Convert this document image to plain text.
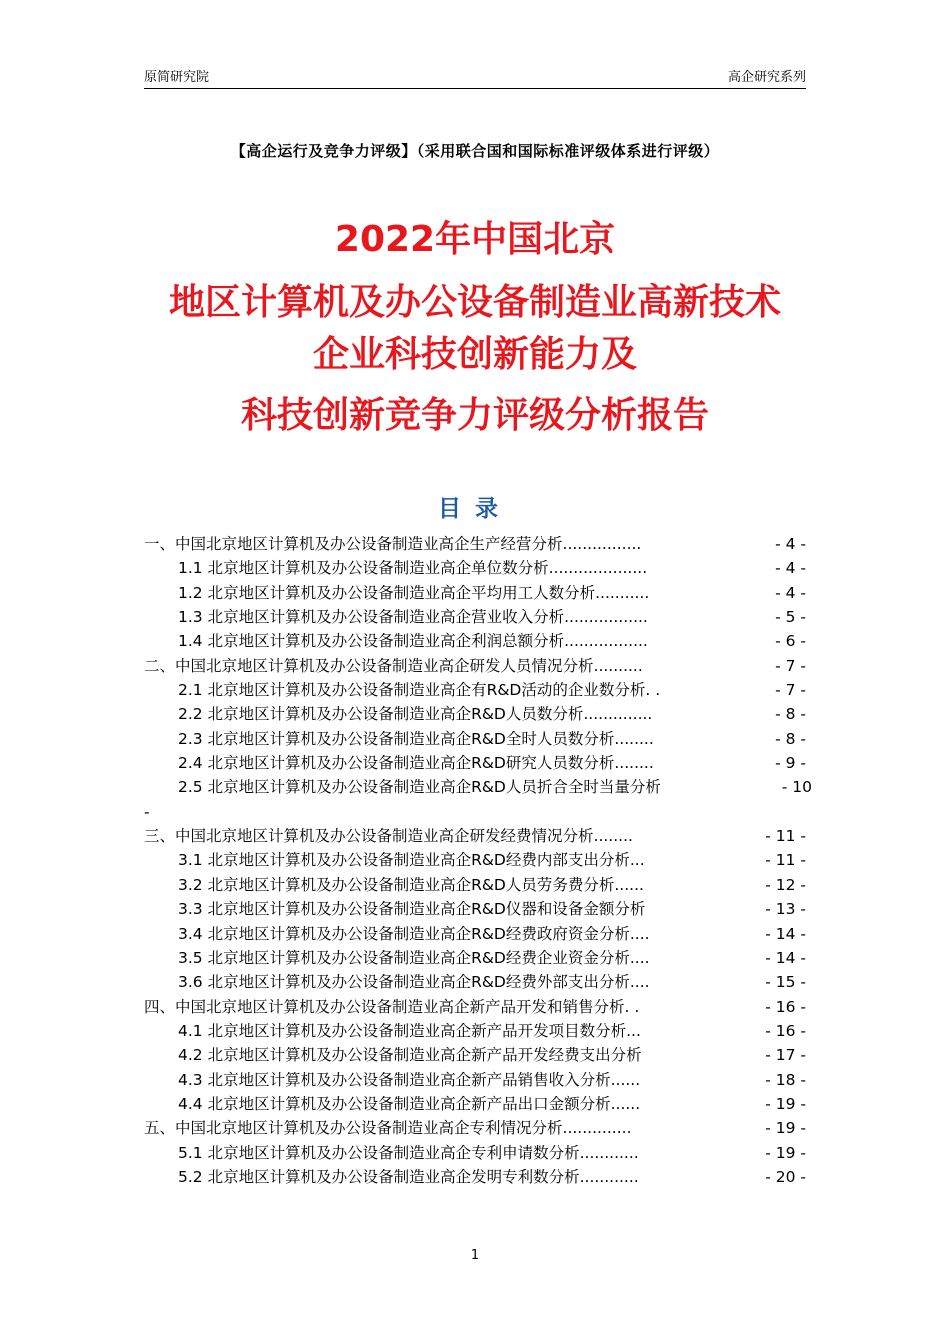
原简研究院	高企研究系列
【高企运行及竞争力评级】（采用联合国和国际标准评级体系进行评级）
2022年中国北京
地区计算机及办公设备制造业高新技术
企业科技创新能力及
科技创新竞争力评级分析报告
目录
一、中国北京地区计算机及办公设备制造业高企生产经营分析................	- 4 -
1.1 北京地区计算机及办公设备制造业高企单位数分析....................	- 4 -
1.2 北京地区计算机及办公设备制造业高企平均用工人数分析...........	- 4 -
1.3 北京地区计算机及办公设备制造业高企营业收入分析.................	- 5 -
1.4 北京地区计算机及办公设备制造业高企利润总额分析.................	- 6 -
二、中国北京地区计算机及办公设备制造业高企研发人员情况分析..........	- 7 -
2.1 北京地区计算机及办公设备制造业高企有R&D活动的企业数分析. .	- 7 -
2.2 北京地区计算机及办公设备制造业高企R&D人员数分析..............	- 8 -
2.3 北京地区计算机及办公设备制造业高企R&D全时人员数分析........	- 8 -
2.4 北京地区计算机及办公设备制造业高企R&D研究人员数分析........	- 9 -
2.5 北京地区计算机及办公设备制造业高企R&D人员折合全时当量分析	- 10
-
三、中国北京地区计算机及办公设备制造业高企研发经费情况分析........	- 11 -
3.1 北京地区计算机及办公设备制造业高企R&D经费内部支出分析...	- 11 -
3.2 北京地区计算机及办公设备制造业高企R&D人员劳务费分析......	- 12 -
3.3 北京地区计算机及办公设备制造业高企R&D仪器和设备金额分析	- 13 -
3.4 北京地区计算机及办公设备制造业高企R&D经费政府资金分析....	- 14 -
3.5 北京地区计算机及办公设备制造业高企R&D经费企业资金分析....	- 14 -
3.6 北京地区计算机及办公设备制造业高企R&D经费外部支出分析....	- 15 -
四、中国北京地区计算机及办公设备制造业高企新产品开发和销售分析. .	- 16 -
4.1 北京地区计算机及办公设备制造业高企新产品开发项目数分析...	- 16 -
4.2 北京地区计算机及办公设备制造业高企新产品开发经费支出分析	- 17 -
4.3 北京地区计算机及办公设备制造业高企新产品销售收入分析......	- 18 -
4.4 北京地区计算机及办公设备制造业高企新产品出口金额分析......	- 19 -
五、中国北京地区计算机及办公设备制造业高企专利情况分析..............	- 19 -
5.1 北京地区计算机及办公设备制造业高企专利申请数分析............	- 19 -
5.2 北京地区计算机及办公设备制造业高企发明专利数分析............	- 20 -
1
